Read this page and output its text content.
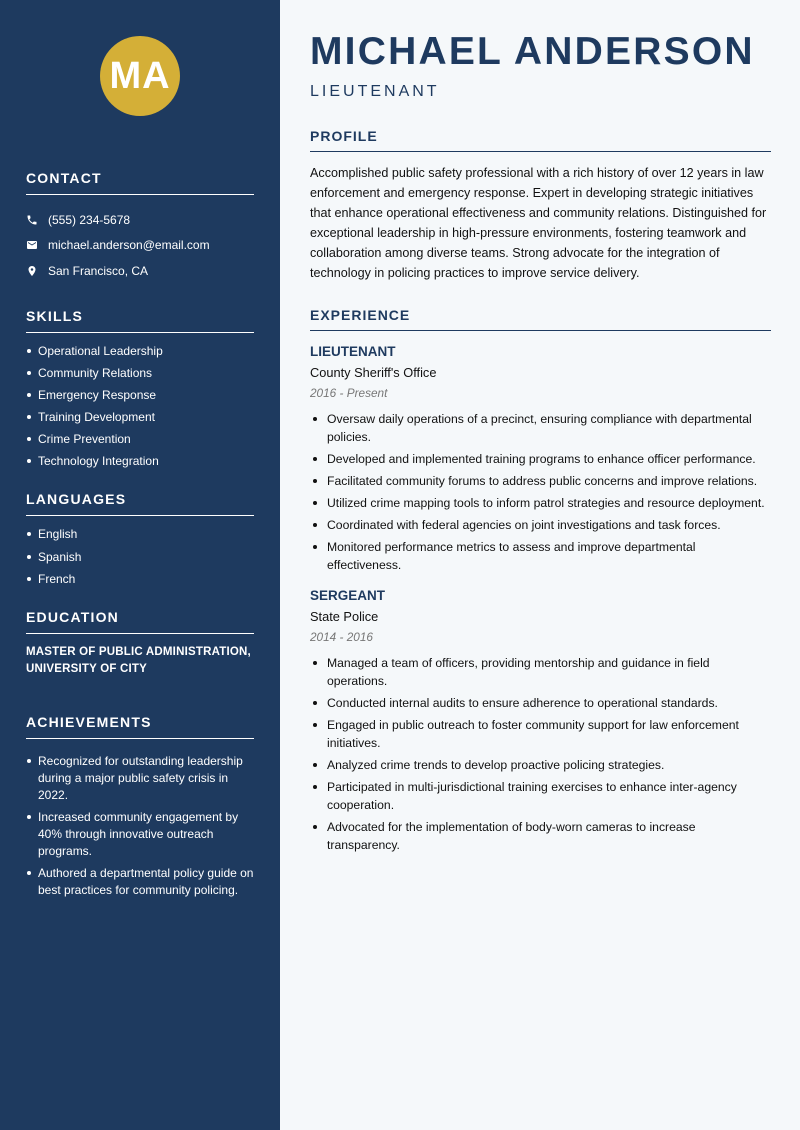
MA
CONTACT
(555) 234-5678
michael.anderson@email.com
San Francisco, CA
SKILLS
Operational Leadership
Community Relations
Emergency Response
Training Development
Crime Prevention
Technology Integration
LANGUAGES
English
Spanish
French
EDUCATION
MASTER OF PUBLIC ADMINISTRATION,
UNIVERSITY OF CITY
ACHIEVEMENTS
Recognized for outstanding leadership during a major public safety crisis in 2022.
Increased community engagement by 40% through innovative outreach programs.
Authored a departmental policy guide on best practices for community policing.
MICHAEL ANDERSON
LIEUTENANT
PROFILE
Accomplished public safety professional with a rich history of over 12 years in law enforcement and emergency response. Expert in developing strategic initiatives that enhance operational effectiveness and community relations. Distinguished for exceptional leadership in high-pressure environments, fostering teamwork and collaboration among diverse teams. Strong advocate for the integration of technology in policing practices to improve service delivery.
EXPERIENCE
LIEUTENANT
County Sheriff's Office
2016 - Present
Oversaw daily operations of a precinct, ensuring compliance with departmental policies.
Developed and implemented training programs to enhance officer performance.
Facilitated community forums to address public concerns and improve relations.
Utilized crime mapping tools to inform patrol strategies and resource deployment.
Coordinated with federal agencies on joint investigations and task forces.
Monitored performance metrics to assess and improve departmental effectiveness.
SERGEANT
State Police
2014 - 2016
Managed a team of officers, providing mentorship and guidance in field operations.
Conducted internal audits to ensure adherence to operational standards.
Engaged in public outreach to foster community support for law enforcement initiatives.
Analyzed crime trends to develop proactive policing strategies.
Participated in multi-jurisdictional training exercises to enhance inter-agency cooperation.
Advocated for the implementation of body-worn cameras to increase transparency.
